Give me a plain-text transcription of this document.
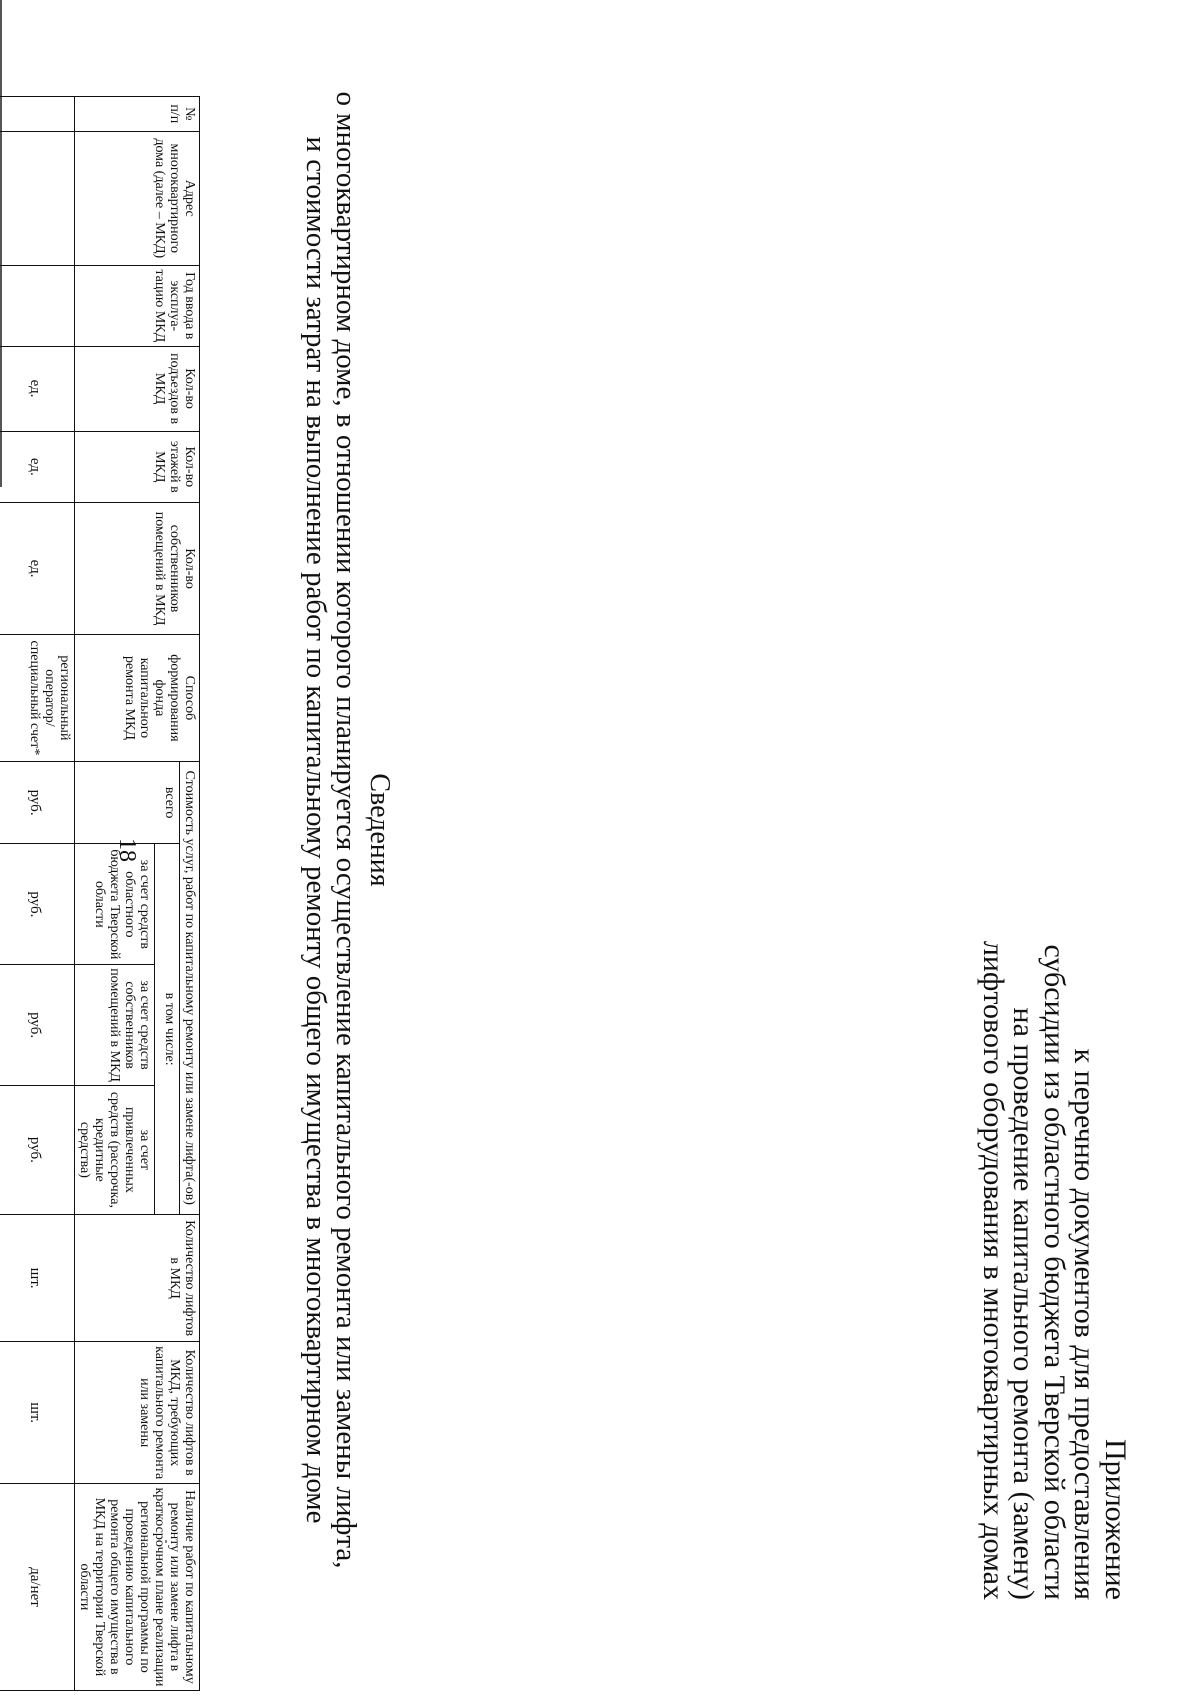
18
Приложение
к перечню документов для предоставления
субсидии из областного бюджета Тверской области
на проведение капитального ремонта (замену)
лифтового оборудования в многоквартирных домах
Сведения
о многоквартирном доме, в отношении которого планируется осуществление капитального ремонта или замены лифта,
и стоимости затрат на выполнение работ по капитальному ремонту общего имущества в многоквартирном доме
№ п/п	Адрес многоквартирного дома (далее – МКД)	Год ввода в эксплуа-тацию МКД	Кол-во подъездов в МКД	Кол-во этажей в МКД	Кол-во собственников помещений в МКД	Способ формирования фонда капитального ремонта МКД	Стоимость услуг, работ по капитальному ремонту или замене лифта(-ов)				Количество лифтов в МКД	Количество лифтов в МКД, требующих капитального ремонта или замены	Наличие работ по капитальному ремонту или замене лифта в краткосрочном плане реализации региональной программы по проведению капитального ремонта общего имущества в МКД на территории Тверской области
							всего	в том числе:					
								за счет средств областного бюджета Тверской области	за счет средств собственников помещений в МКД	за счет привлеченных средств (рассрочка, кредитные средства)			
			ед.	ед.	ед.	региональный оператор/ специальный счет*	руб.	руб.	руб.	руб.	шт.	шт.	да/нет
